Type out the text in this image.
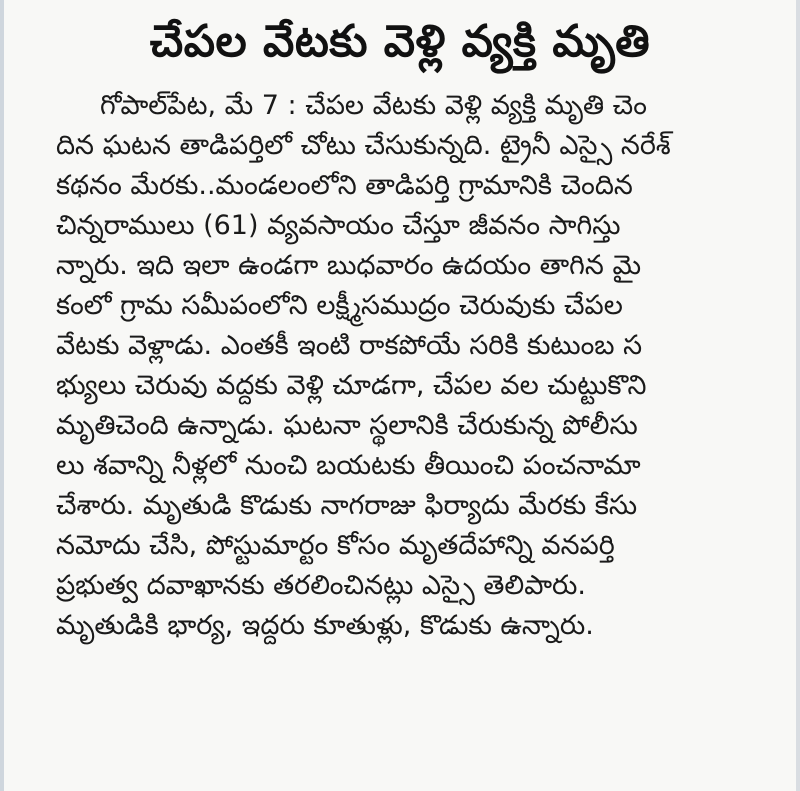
చేపల వేటకు వెళ్లి వ్యక్తి మృతి
గోపాల్‌పేట, మే 7 : చేపల వేటకు వెళ్లి వ్యక్తి మృతి చెం
దిన ఘటన తాడిపర్తిలో చోటు చేసుకున్నది. ట్రైనీ ఎస్సై నరేశ్
కథనం మేరకు..మండలంలోని తాడిపర్తి గ్రామానికి చెందిన
చిన్నరాములు (61) వ్యవసాయం చేస్తూ జీవనం సాగిస్తు
న్నారు. ఇది ఇలా ఉండగా బుధవారం ఉదయం తాగిన మై
కంలో గ్రామ సమీపంలోని లక్ష్మీసముద్రం చెరువుకు చేపల
వేటకు వెళ్లాడు. ఎంతకీ ఇంటి రాకపోయే సరికి కుటుంబ స
భ్యులు చెరువు వద్దకు వెళ్లి చూడగా, చేపల వల చుట్టుకొని
మృతిచెంది ఉన్నాడు. ఘటనా స్థలానికి చేరుకున్న పోలీసు
లు శవాన్ని నీళ్లలో నుంచి బయటకు తీయించి పంచనామా
చేశారు. మృతుడి కొడుకు నాగరాజు ఫిర్యాదు మేరకు కేసు
నమోదు చేసి, పోస్టుమార్టం కోసం మృతదేహాన్ని వనపర్తి
ప్రభుత్వ దవాఖానకు తరలించినట్లు ఎస్సై తెలిపారు.
మృతుడికి భార్య, ఇద్దరు కూతుళ్లు, కొడుకు ఉన్నారు.
